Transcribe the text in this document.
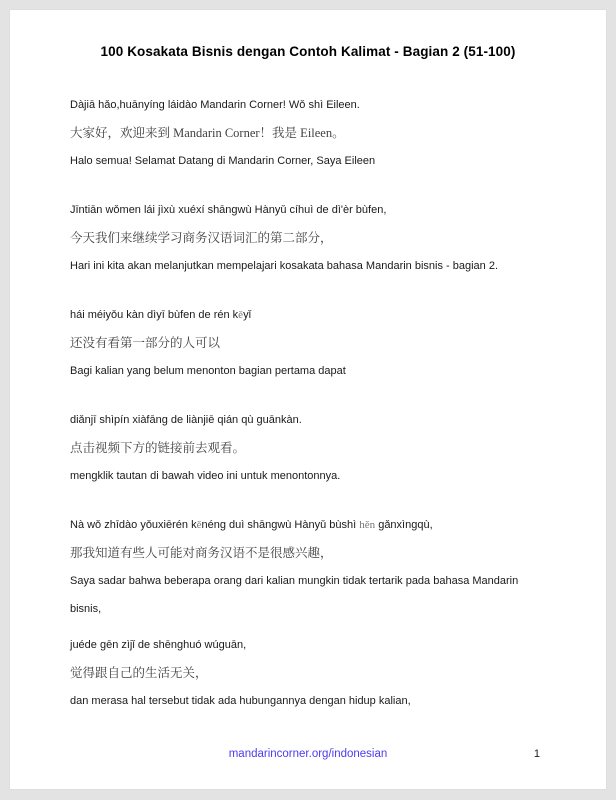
100 Kosakata Bisnis dengan Contoh Kalimat - Bagian 2 (51-100)

Dàjiā hǎo,huānyíng láidào Mandarin Corner! Wǒ shì Eileen.

大家好，欢迎来到 Mandarin Corner！我是 Eileen。

Halo semua! Selamat Datang di Mandarin Corner, Saya Eileen

Jīntiān wǒmen lái jìxù xuéxí shāngwù Hànyǔ cíhuì de dì'èr bùfen,

今天我们来继续学习商务汉语词汇的第二部分，

Hari ini kita akan melanjutkan mempelajari kosakata bahasa Mandarin bisnis - bagian 2.

hái méiyǒu kàn dìyī bùfen de rén kěyǐ

还没有看第一部分的人可以

Bagi kalian yang belum menonton bagian pertama dapat

diǎnjī shìpín xiàfāng de liànjiē qián qù guānkàn.

点击视频下方的链接前去观看。

mengklik tautan di bawah video ini untuk menontonnya.

Nà wǒ zhīdào yǒuxiērén kěnéng duì shāngwù Hànyǔ bùshì hěn gǎnxìngqù,

那我知道有些人可能对商务汉语不是很感兴趣，

Saya sadar bahwa beberapa orang dari kalian mungkin tidak tertarik pada bahasa Mandarin bisnis,

juéde gēn zìjǐ de shēnghuó wúguān,

觉得跟自己的生活无关，

dan merasa hal tersebut tidak ada hubungannya dengan hidup kalian,

mandarincorner.org/indonesian	1
